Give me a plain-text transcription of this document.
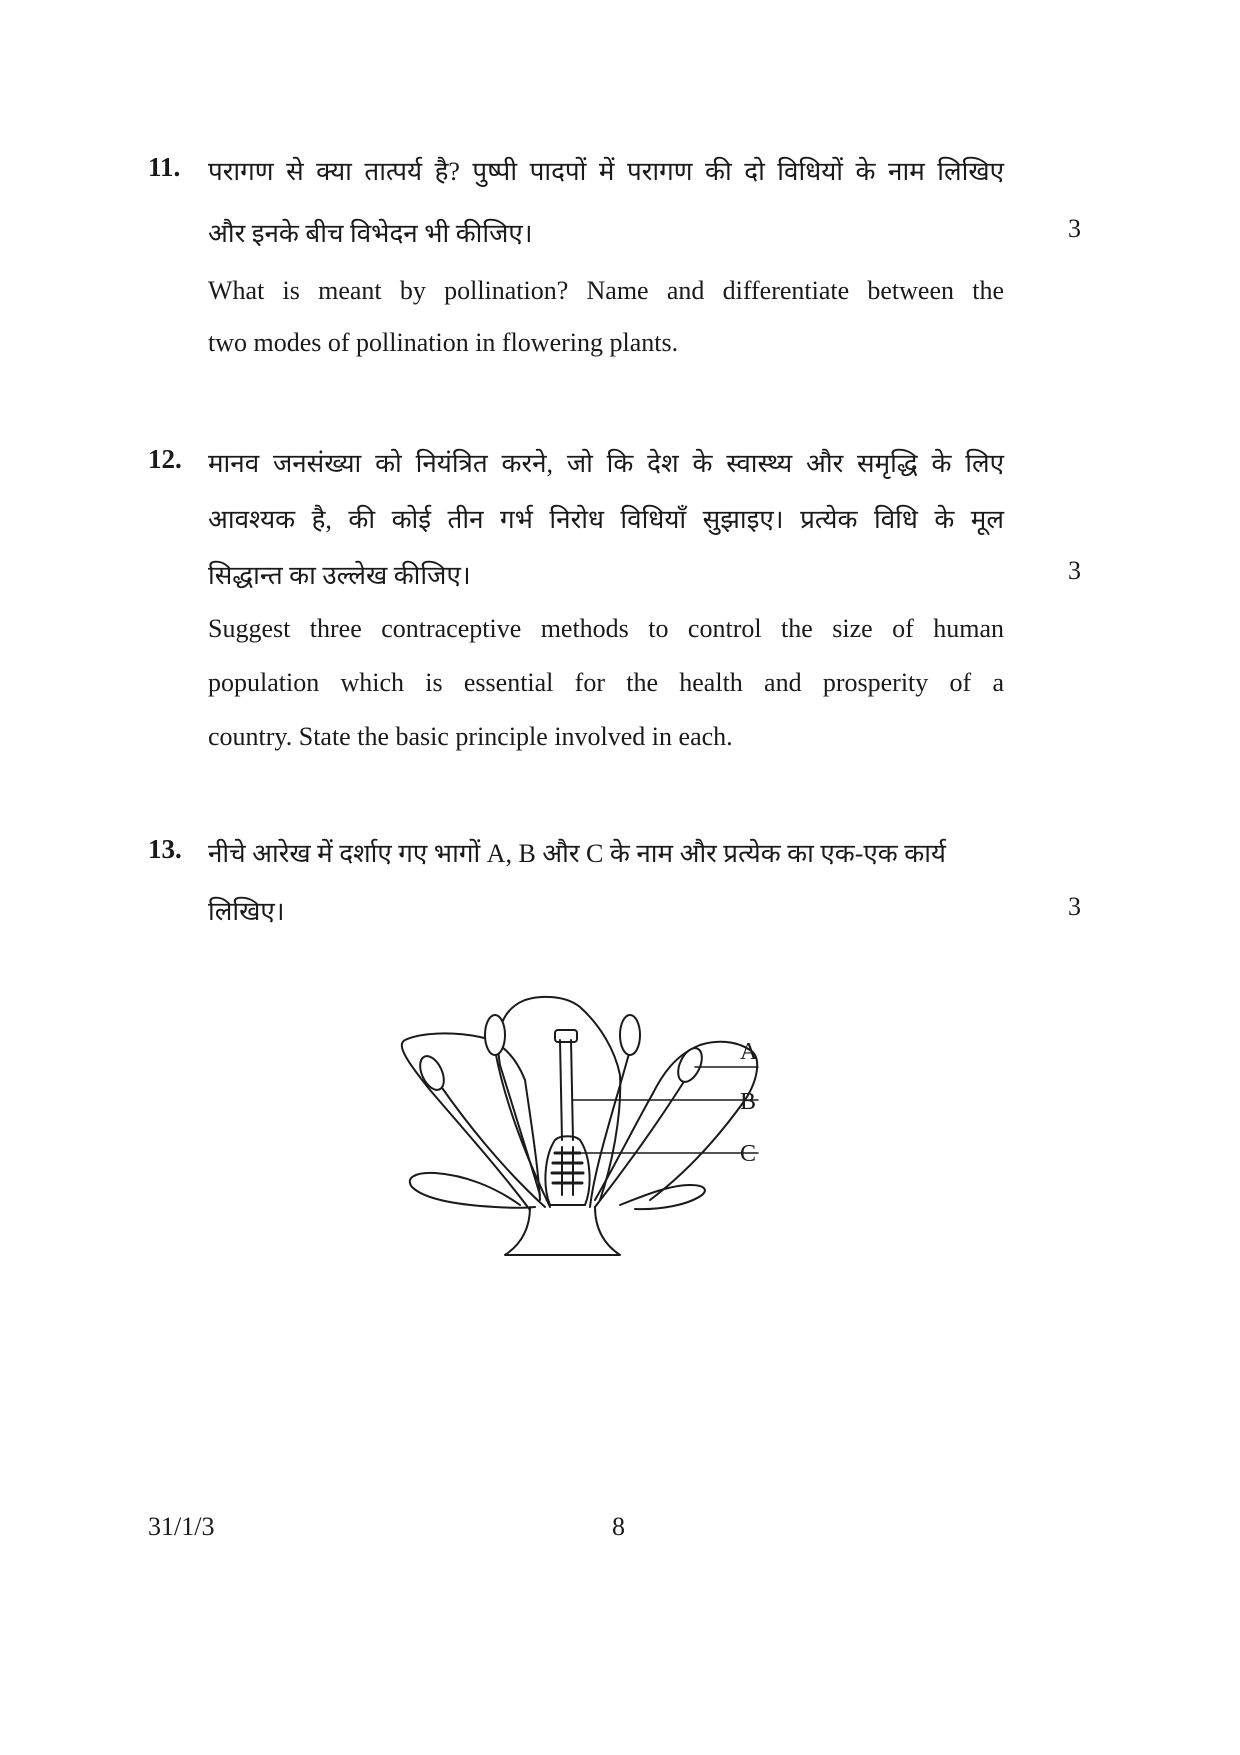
11. परागण से क्या तात्पर्य है? पुष्पी पादपों में परागण की दो विधियों के नाम लिखिए
और इनके बीच विभेदन भी कीजिए।	3
What is meant by pollination? Name and differentiate between the
two modes of pollination in flowering plants.
12. मानव जनसंख्या को नियंत्रित करने, जो कि देश के स्वास्थ्य और समृद्धि के लिए
आवश्यक है, की कोई तीन गर्भ निरोध विधियाँ सुझाइए। प्रत्येक विधि के मूल
सिद्धान्त का उल्लेख कीजिए।	3
Suggest three contraceptive methods to control the size of human
population which is essential for the health and prosperity of a
country. State the basic principle involved in each.
13. नीचे आरेख में दर्शाए गए भागों A, B और C के नाम और प्रत्येक का एक-एक कार्य
लिखिए।	3
A
B
C
31/1/3	8
